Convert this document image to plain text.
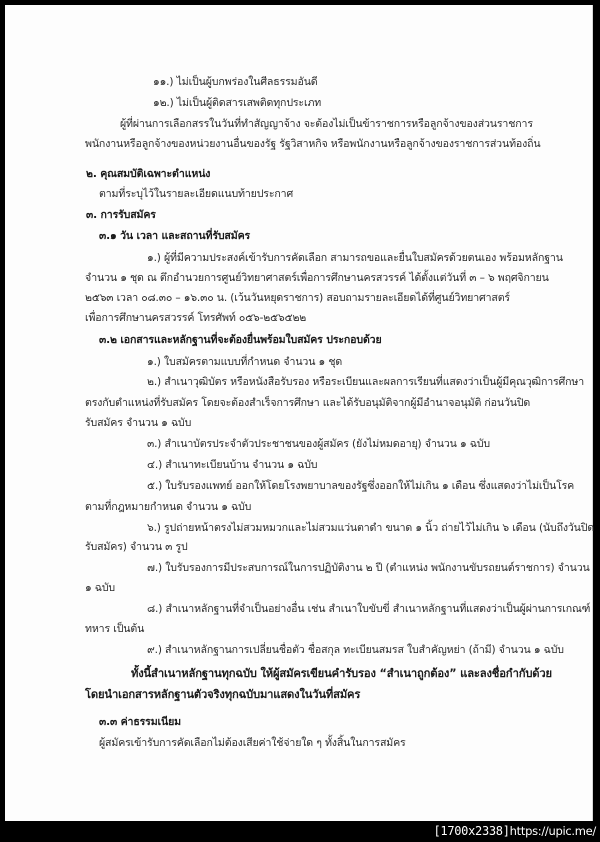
๑๑.) ไม่เป็นผู้บกพร่องในศีลธรรมอันดี
๑๒.) ไม่เป็นผู้ติดสารเสพติดทุกประเภท
ผู้ที่ผ่านการเลือกสรรในวันที่ทำสัญญาจ้าง จะต้องไม่เป็นข้าราชการหรือลูกจ้างของส่วนราชการ
พนักงานหรือลูกจ้างของหน่วยงานอื่นของรัฐ รัฐวิสาหกิจ หรือพนักงานหรือลูกจ้างของราชการส่วนท้องถิ่น
๒. คุณสมบัติเฉพาะตำแหน่ง
ตามที่ระบุไว้ในรายละเอียดแนบท้ายประกาศ
๓. การรับสมัคร
๓.๑ วัน เวลา และสถานที่รับสมัคร
๑.) ผู้ที่มีความประสงค์เข้ารับการคัดเลือก สามารถขอและยื่นใบสมัครด้วยตนเอง พร้อมหลักฐาน
จำนวน ๑ ชุด ณ ตึกอำนวยการศูนย์วิทยาศาสตร์เพื่อการศึกษานครสวรรค์ ได้ตั้งแต่วันที่ ๓ – ๖ พฤศจิกายน
๒๕๖๓ เวลา ๐๘.๓๐ – ๑๖.๓๐ น. (เว้นวันหยุดราชการ) สอบถามรายละเอียดได้ที่ศูนย์วิทยาศาสตร์
เพื่อการศึกษานครสวรรค์ โทรศัพท์ ๐๕๖-๒๕๖๕๒๒
๓.๒ เอกสารและหลักฐานที่จะต้องยื่นพร้อมใบสมัคร ประกอบด้วย
๑.) ใบสมัครตามแบบที่กำหนด จำนวน ๑ ชุด
๒.) สำเนาวุฒิบัตร หรือหนังสือรับรอง หรือระเบียนและผลการเรียนที่แสดงว่าเป็นผู้มีคุณวุฒิการศึกษา
ตรงกับตำแหน่งที่รับสมัคร โดยจะต้องสำเร็จการศึกษา และได้รับอนุมัติจากผู้มีอำนาจอนุมัติ ก่อนวันปิด
รับสมัคร จำนวน ๑ ฉบับ
๓.) สำเนาบัตรประจำตัวประชาชนของผู้สมัคร (ยังไม่หมดอายุ) จำนวน ๑ ฉบับ
๔.) สำเนาทะเบียนบ้าน จำนวน ๑ ฉบับ
๕.) ใบรับรองแพทย์ ออกให้โดยโรงพยาบาลของรัฐซึ่งออกให้ไม่เกิน ๑ เดือน ซึ่งแสดงว่าไม่เป็นโรค
ตามที่กฎหมายกำหนด จำนวน ๑ ฉบับ
๖.) รูปถ่ายหน้าตรงไม่สวมหมวกและไม่สวมแว่นตาดำ ขนาด ๑ นิ้ว ถ่ายไว้ไม่เกิน ๖ เดือน (นับถึงวันปิด
รับสมัคร) จำนวน ๓ รูป
๗.) ใบรับรองการมีประสบการณ์ในการปฏิบัติงาน ๒ ปี (ตำแหน่ง พนักงานขับรถยนต์ราชการ) จำนวน
๑ ฉบับ
๘.) สำเนาหลักฐานที่จำเป็นอย่างอื่น เช่น สำเนาใบขับขี่ สำเนาหลักฐานที่แสดงว่าเป็นผู้ผ่านการเกณฑ์
ทหาร เป็นต้น
๙.) สำเนาหลักฐานการเปลี่ยนชื่อตัว ชื่อสกุล ทะเบียนสมรส ใบสำคัญหย่า (ถ้ามี) จำนวน ๑ ฉบับ
ทั้งนี้สำเนาหลักฐานทุกฉบับ ให้ผู้สมัครเขียนคำรับรอง “สำเนาถูกต้อง” และลงชื่อกำกับด้วย
โดยนำเอกสารหลักฐานตัวจริงทุกฉบับมาแสดงในวันที่สมัคร
๓.๓ ค่าธรรมเนียม
ผู้สมัครเข้ารับการคัดเลือกไม่ต้องเสียค่าใช้จ่ายใด ๆ ทั้งสิ้นในการสมัคร
[1700x2338]https://upic.me/
